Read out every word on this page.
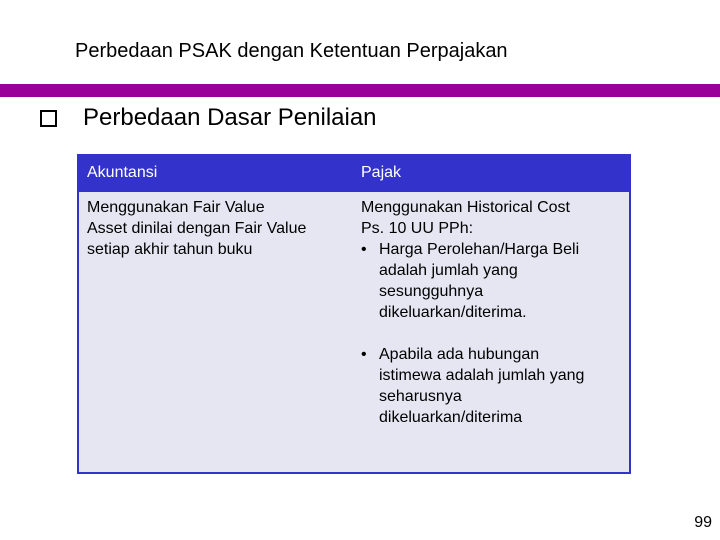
Perbedaan PSAK dengan Ketentuan Perpajakan
Perbedaan Dasar Penilaian
Akuntansi	Pajak
Menggunakan Fair Value
Asset dinilai dengan Fair Value
setiap akhir tahun buku
Menggunakan Historical Cost
Ps. 10 UU PPh:
• Harga Perolehan/Harga Beli
adalah jumlah yang
sesungguhnya
dikeluarkan/diterima.
• Apabila ada hubungan
istimewa adalah jumlah yang
seharusnya
dikeluarkan/diterima
99
